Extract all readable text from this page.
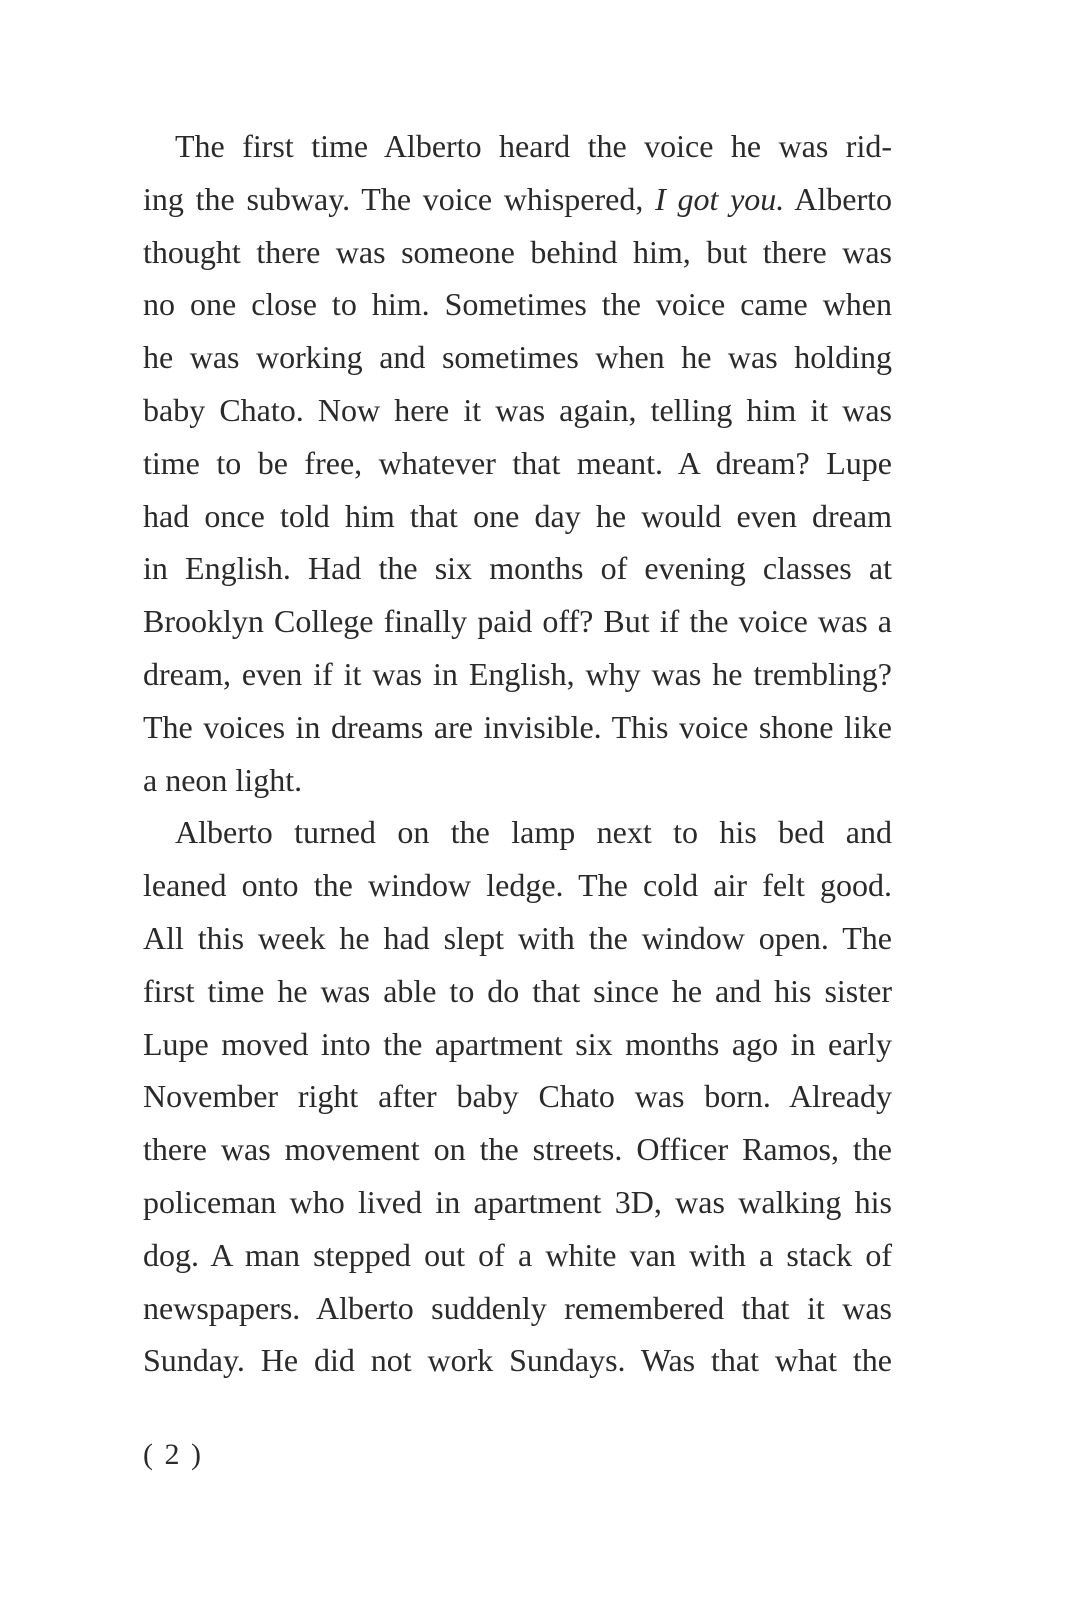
The first time Alberto heard the voice he was rid-
ing the subway. The voice whispered, I got you. Alberto
thought there was someone behind him, but there was
no one close to him. Sometimes the voice came when
he was working and sometimes when he was holding
baby Chato. Now here it was again, telling him it was
time to be free, whatever that meant. A dream? Lupe
had once told him that one day he would even dream
in English. Had the six months of evening classes at
Brooklyn College finally paid off? But if the voice was a
dream, even if it was in English, why was he trembling?
The voices in dreams are invisible. This voice shone like
a neon light.
Alberto turned on the lamp next to his bed and
leaned onto the window ledge. The cold air felt good.
All this week he had slept with the window open. The
first time he was able to do that since he and his sister
Lupe moved into the apartment six months ago in early
November right after baby Chato was born. Already
there was movement on the streets. Officer Ramos, the
policeman who lived in apartment 3D, was walking his
dog. A man stepped out of a white van with a stack of
newspapers. Alberto suddenly remembered that it was
Sunday. He did not work Sundays. Was that what the
( 2 )
